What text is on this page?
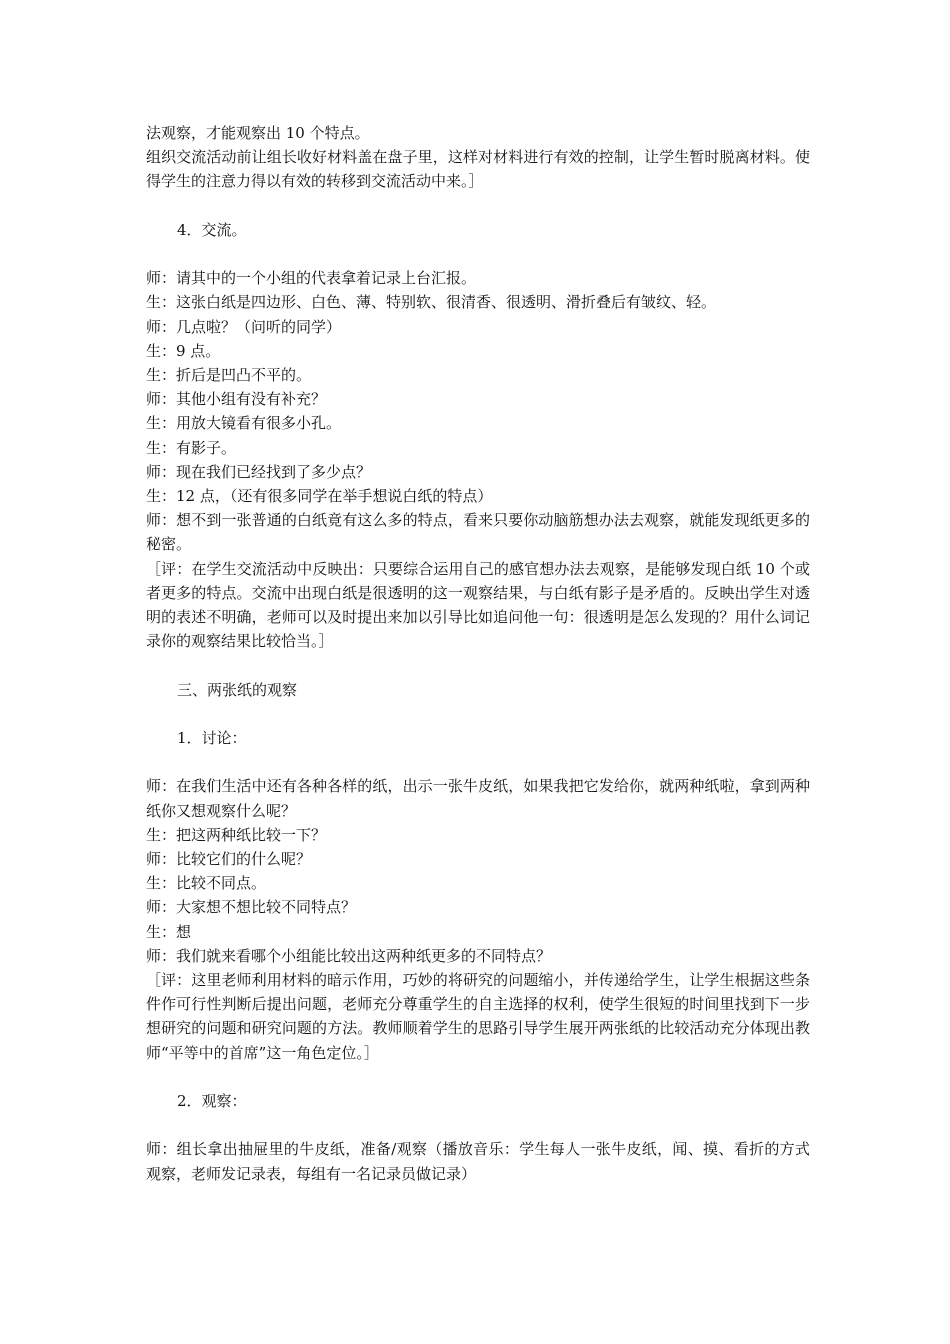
法观察，才能观察出 10 个特点。

组织交流活动前让组长收好材料盖在盘子里，这样对材料进行有效的控制，让学生暂时脱离材料。使得学生的注意力得以有效的转移到交流活动中来。］

4．交流。

师：请其中的一个小组的代表拿着记录上台汇报。

生：这张白纸是四边形、白色、薄、特别软、很清香、很透明、滑折叠后有皱纹、轻。

师：几点啦？（问听的同学）

生：9 点。

生：折后是凹凸不平的。

师：其他小组有没有补充？

生：用放大镜看有很多小孔。

生：有影子。

师：现在我们已经找到了多少点？

生：12 点，（还有很多同学在举手想说白纸的特点）

师：想不到一张普通的白纸竟有这么多的特点，看来只要你动脑筋想办法去观察，就能发现纸更多的秘密。

［评：在学生交流活动中反映出：只要综合运用自己的感官想办法去观察，是能够发现白纸 10 个或者更多的特点。交流中出现白纸是很透明的这一观察结果，与白纸有影子是矛盾的。反映出学生对透明的表述不明确，老师可以及时提出来加以引导比如追问他一句：很透明是怎么发现的？用什么词记录你的观察结果比较恰当。］

三、两张纸的观察

1．讨论：

师：在我们生活中还有各种各样的纸，出示一张牛皮纸，如果我把它发给你，就两种纸啦，拿到两种纸你又想观察什么呢？

生：把这两种纸比较一下？

师：比较它们的什么呢？

生：比较不同点。

师：大家想不想比较不同特点？

生：想

师：我们就来看哪个小组能比较出这两种纸更多的不同特点？

［评：这里老师利用材料的暗示作用，巧妙的将研究的问题缩小，并传递给学生，让学生根据这些条件作可行性判断后提出问题，老师充分尊重学生的自主选择的权利，使学生很短的时间里找到下一步想研究的问题和研究问题的方法。教师顺着学生的思路引导学生展开两张纸的比较活动充分体现出教师“平等中的首席”这一角色定位。］

2．观察：

师：组长拿出抽屉里的牛皮纸，准备/观察（播放音乐：学生每人一张牛皮纸，闻、摸、看折的方式观察，老师发记录表，每组有一名记录员做记录）
